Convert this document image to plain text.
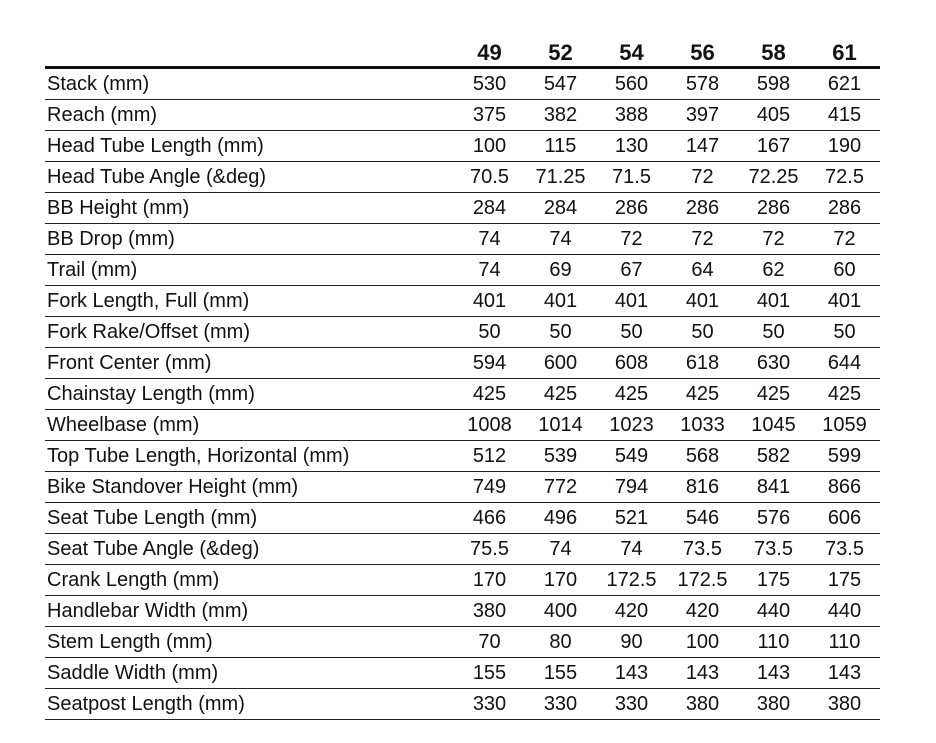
	49	52	54	56	58	61
Stack (mm)	530	547	560	578	598	621
Reach (mm)	375	382	388	397	405	415
Head Tube Length (mm)	100	115	130	147	167	190
Head Tube Angle (&deg)	70.5	71.25	71.5	72	72.25	72.5
BB Height (mm)	284	284	286	286	286	286
BB Drop (mm)	74	74	72	72	72	72
Trail (mm)	74	69	67	64	62	60
Fork Length, Full (mm)	401	401	401	401	401	401
Fork Rake/Offset (mm)	50	50	50	50	50	50
Front Center (mm)	594	600	608	618	630	644
Chainstay Length (mm)	425	425	425	425	425	425
Wheelbase (mm)	1008	1014	1023	1033	1045	1059
Top Tube Length, Horizontal (mm)	512	539	549	568	582	599
Bike Standover Height (mm)	749	772	794	816	841	866
Seat Tube Length (mm)	466	496	521	546	576	606
Seat Tube Angle (&deg)	75.5	74	74	73.5	73.5	73.5
Crank Length (mm)	170	170	172.5	172.5	175	175
Handlebar Width (mm)	380	400	420	420	440	440
Stem Length (mm)	70	80	90	100	110	110
Saddle Width (mm)	155	155	143	143	143	143
Seatpost Length (mm)	330	330	330	380	380	380
